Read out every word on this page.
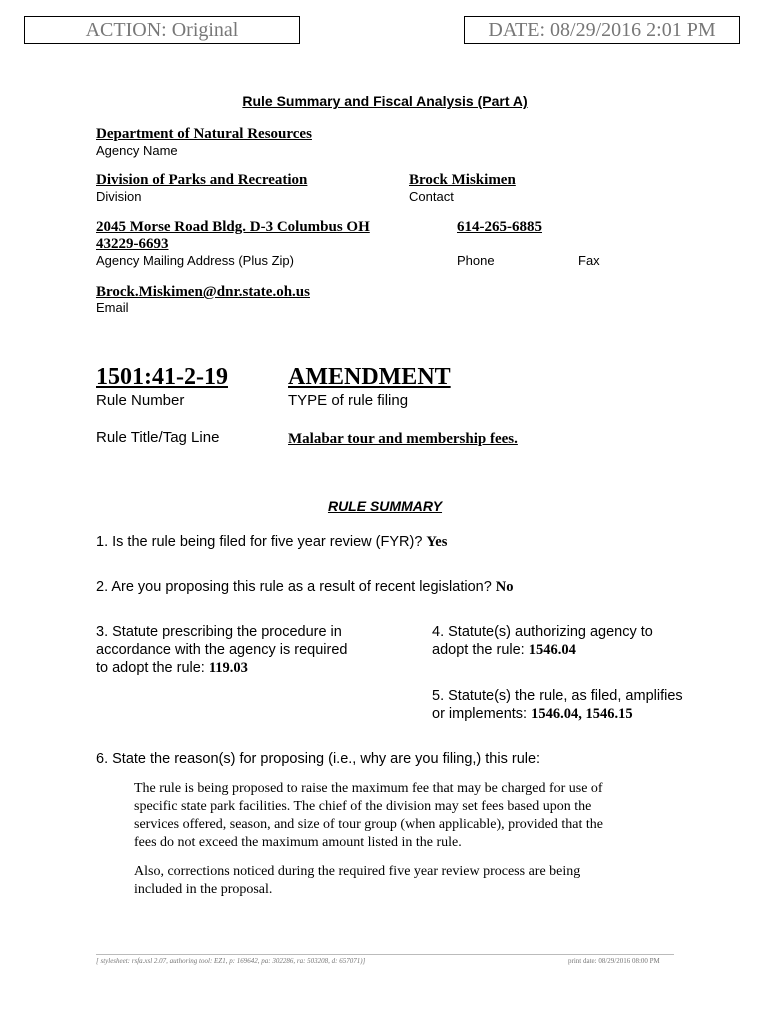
ACTION: Original	DATE: 08/29/2016 2:01 PM
Rule Summary and Fiscal Analysis (Part A)
Department of Natural Resources
Agency Name
Division of Parks and Recreation
Division
Brock Miskimen
Contact
2045 Morse Road Bldg. D-3 Columbus OH
43229-6693
Agency Mailing Address (Plus Zip)
614-265-6885
Phone	Fax
Brock.Miskimen@dnr.state.oh.us
Email
1501:41-2-19
Rule Number
AMENDMENT
TYPE of rule filing
Rule Title/Tag Line	Malabar tour and membership fees.
RULE SUMMARY
1. Is the rule being filed for five year review (FYR)? Yes
2. Are you proposing this rule as a result of recent legislation? No
3. Statute prescribing the procedure in
accordance with the agency is required
to adopt the rule: 119.03
4. Statute(s) authorizing agency to
adopt the rule: 1546.04
5. Statute(s) the rule, as filed, amplifies
or implements: 1546.04, 1546.15
6. State the reason(s) for proposing (i.e., why are you filing,) this rule:
The rule is being proposed to raise the maximum fee that may be charged for use of
specific state park facilities. The chief of the division may set fees based upon the
services offered, season, and size of tour group (when applicable), provided that the
fees do not exceed the maximum amount listed in the rule.
Also, corrections noticed during the required five year review process are being
included in the proposal.
[ stylesheet: rsfa.xsl 2.07, authoring tool: EZ1, p: 169642, pa: 302286, ra: 503208, d: 657071)]	print date: 08/29/2016 08:00 PM
